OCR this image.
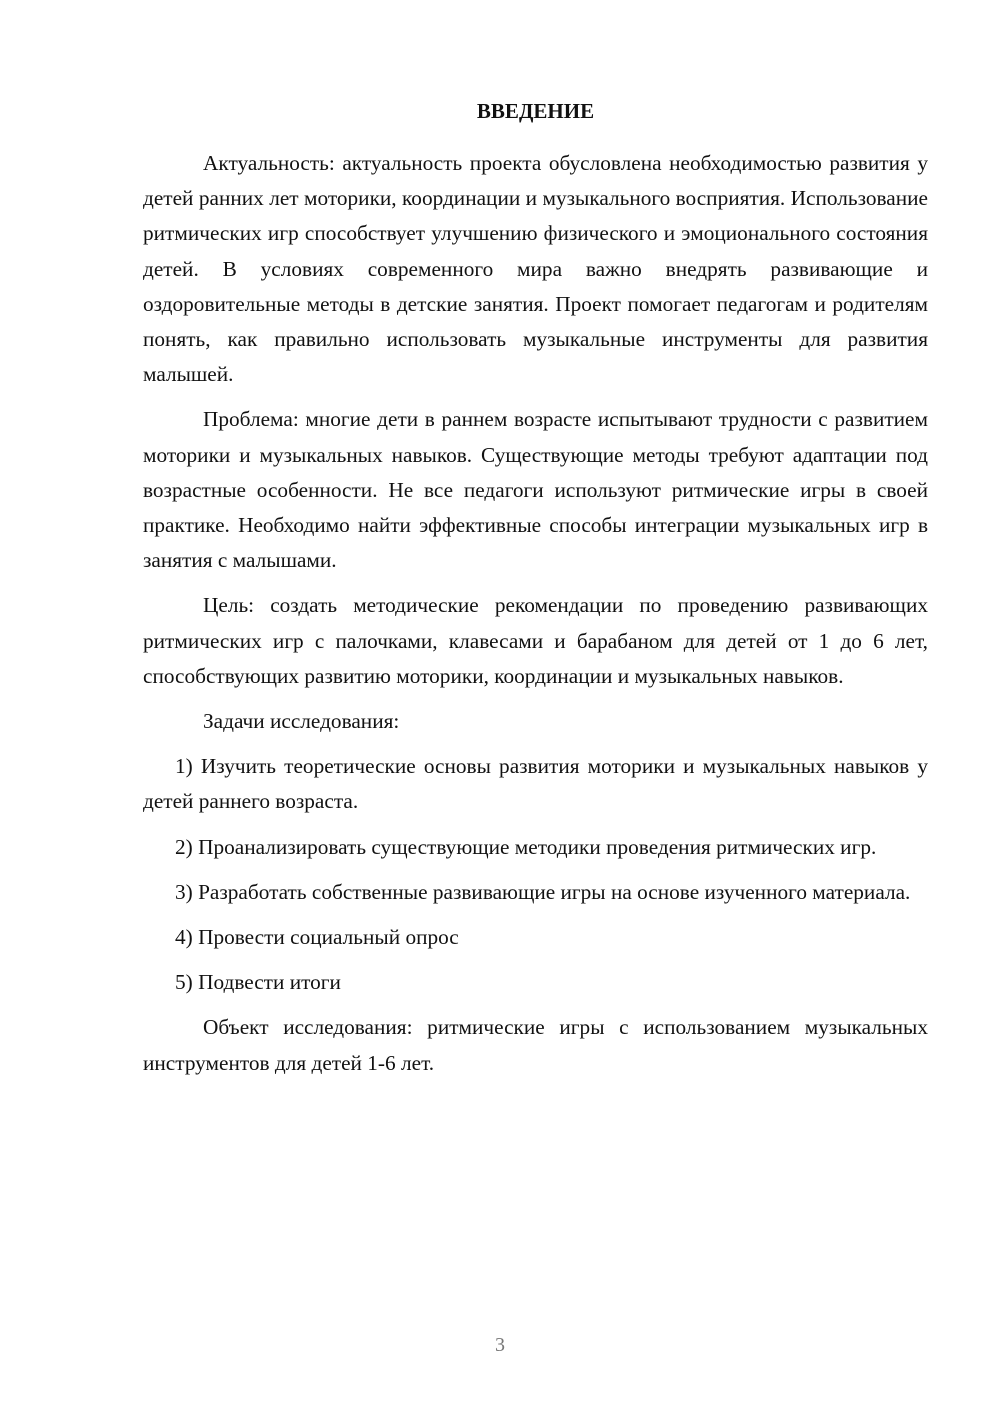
ВВЕДЕНИЕ

Актуальность: актуальность проекта обусловлена необходимостью развития у детей ранних лет моторики, координации и музыкального восприятия. Использование ритмических игр способствует улучшению физического и эмоционального состояния детей. В условиях современного мира важно внедрять развивающие и оздоровительные методы в детские занятия. Проект помогает педагогам и родителям понять, как правильно использовать музыкальные инструменты для развития малышей.

Проблема: многие дети в раннем возрасте испытывают трудности с развитием моторики и музыкальных навыков. Существующие методы требуют адаптации под возрастные особенности. Не все педагоги используют ритмические игры в своей практике. Необходимо найти эффективные способы интеграции музыкальных игр в занятия с малышами.

Цель: создать методические рекомендации по проведению развивающих ритмических игр с палочками, клавесами и барабаном для детей от 1 до 6 лет, способствующих развитию моторики, координации и музыкальных навыков.

Задачи исследования:

1) Изучить теоретические основы развития моторики и музыкальных навыков у детей раннего возраста.

2) Проанализировать существующие методики проведения ритмических игр.

3) Разработать собственные развивающие игры на основе изученного материала.

4) Провести социальный опрос

5) Подвести итоги

Объект исследования: ритмические игры с использованием музыкальных инструментов для детей 1-6 лет.

3
